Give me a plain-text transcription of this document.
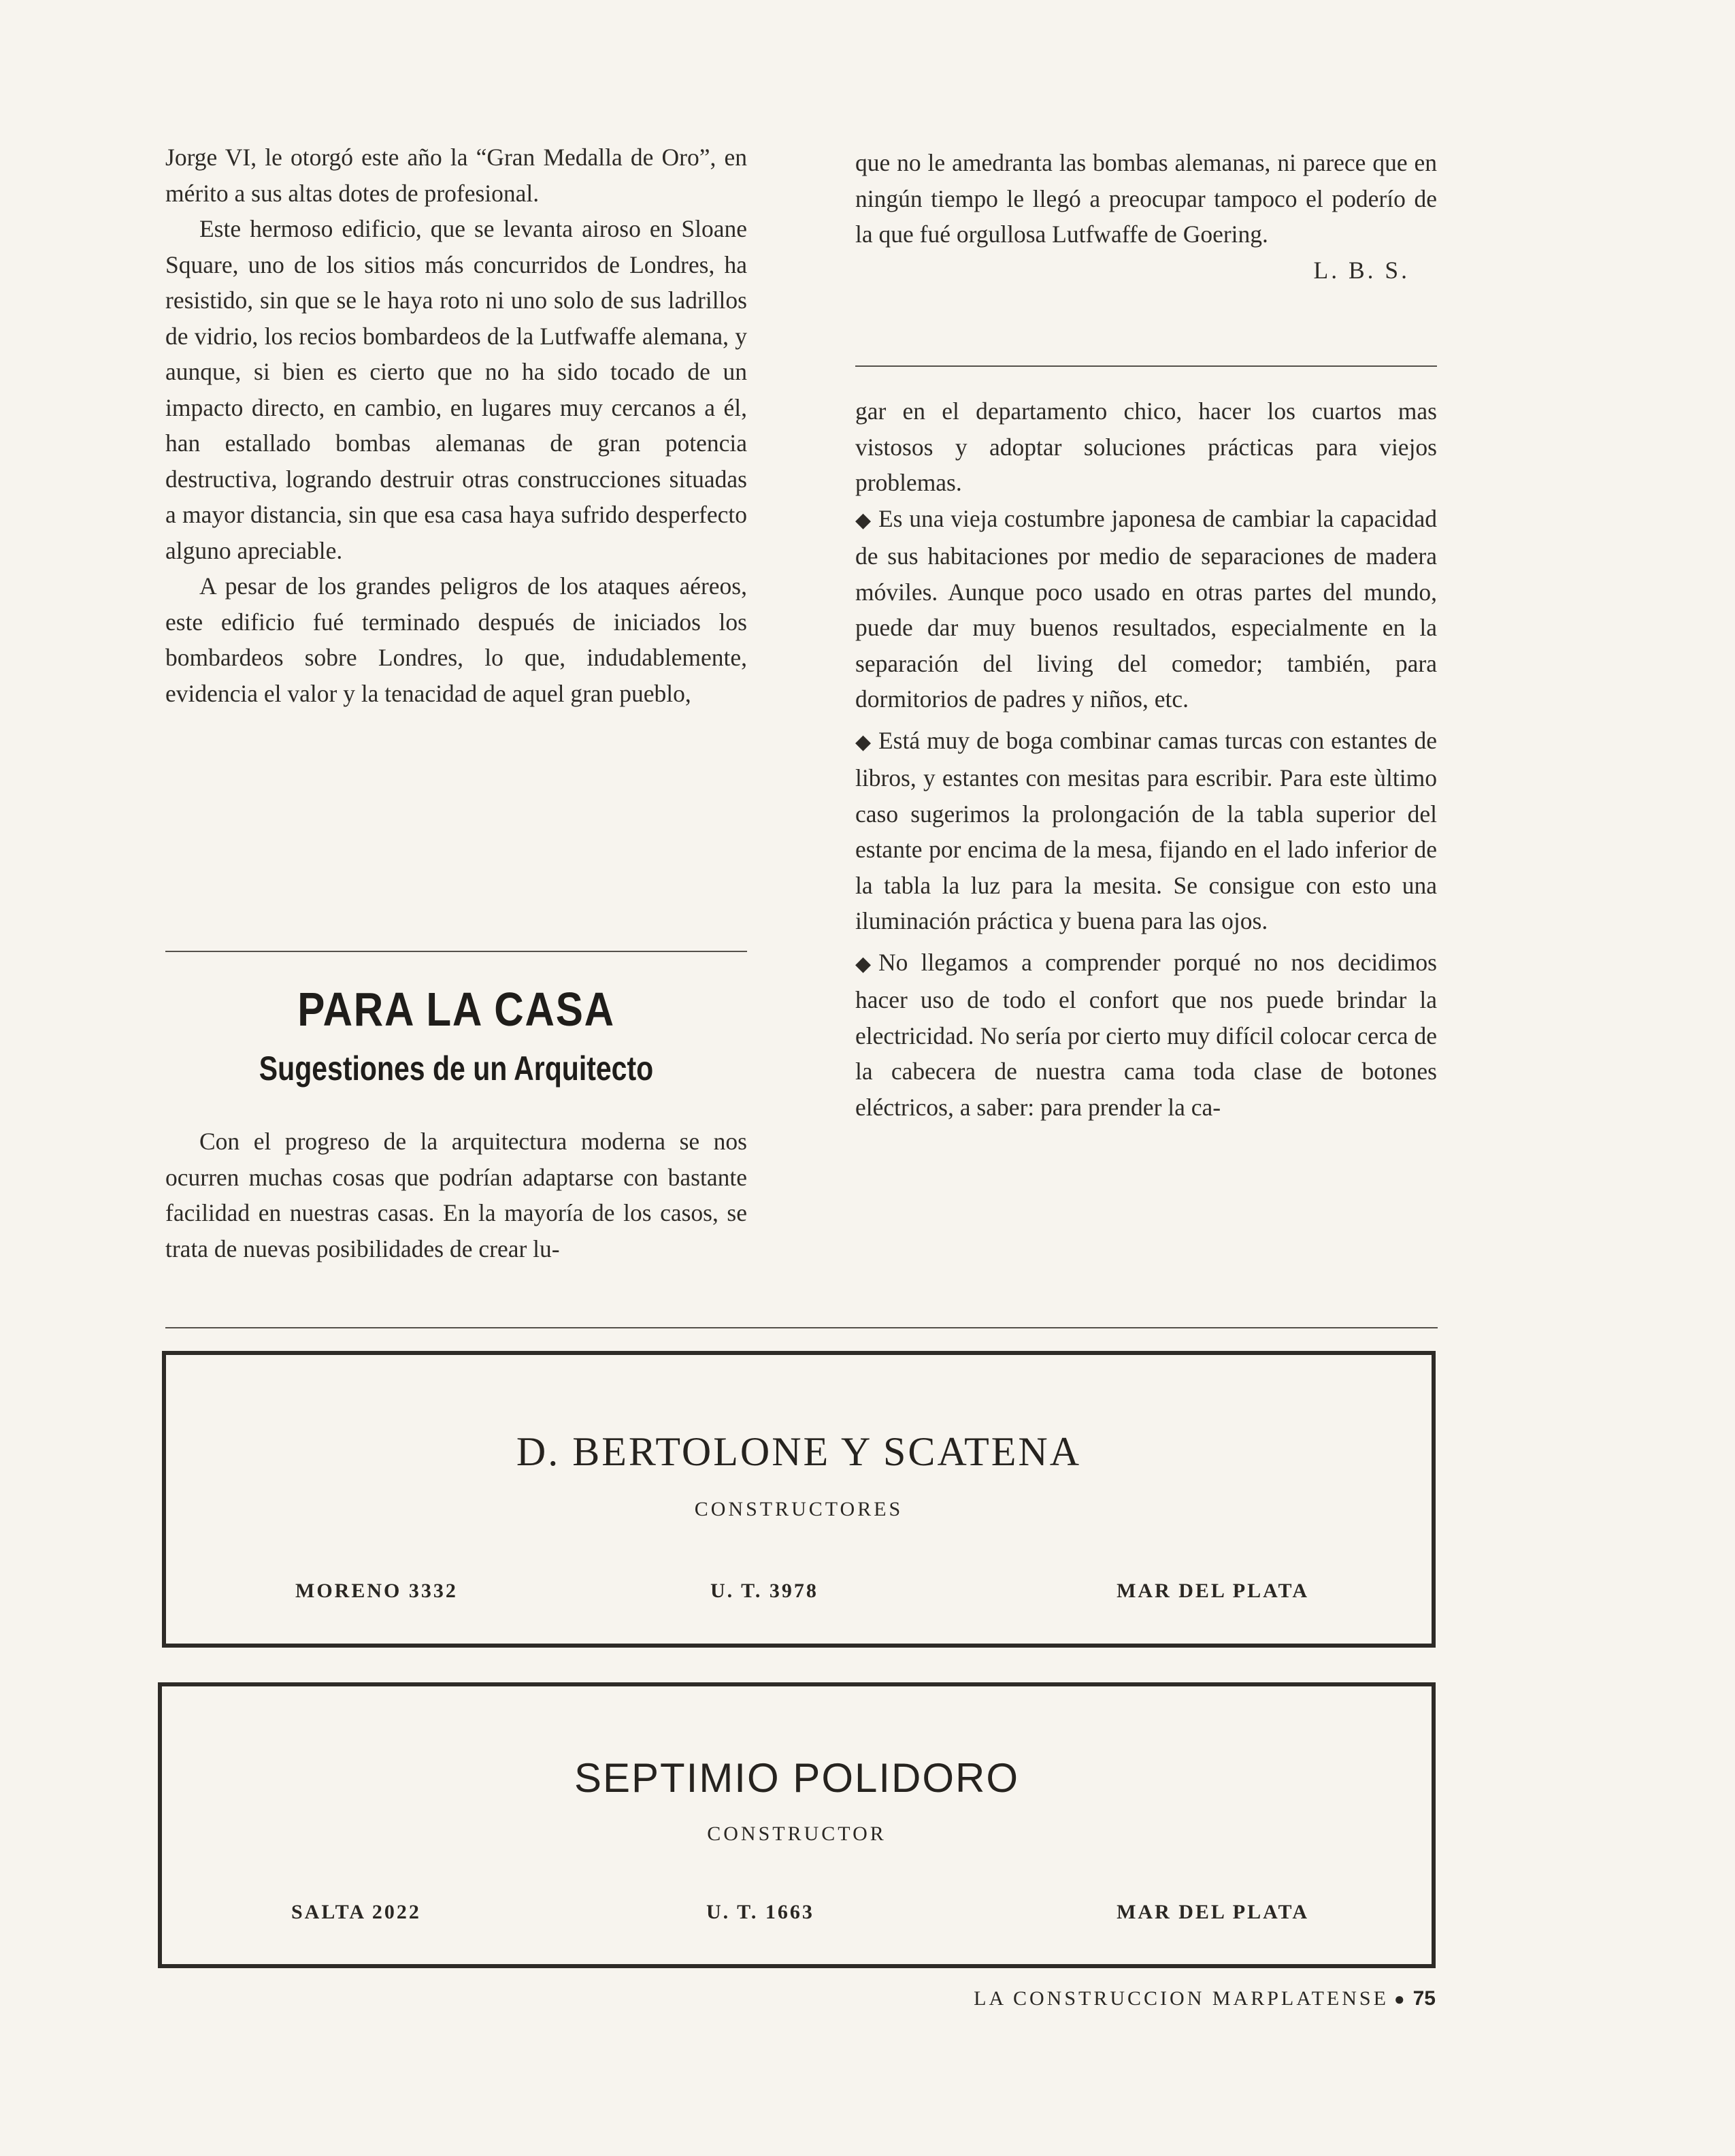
Jorge VI, le otorgó este año la “Gran Medalla de Oro”, en mérito a sus altas dotes de profesional.

Este hermoso edificio, que se levanta airoso en Sloane Square, uno de los sitios más concurridos de Londres, ha resistido, sin que se le haya roto ni uno solo de sus ladrillos de vidrio, los recios bombardeos de la Lutfwaffe alemana, y aunque, si bien es cierto que no ha sido tocado de un impacto directo, en cambio, en lugares muy cercanos a él, han estallado bombas alemanas de gran potencia destructiva, logrando destruir otras construcciones situadas a mayor distancia, sin que esa casa haya sufrido desperfecto alguno apreciable.

A pesar de los grandes peligros de los ataques aéreos, este edificio fué terminado después de iniciados los bombardeos sobre Londres, lo que, indudablemente, evidencia el valor y la tenacidad de aquel gran pueblo,

que no le amedranta las bombas alemanas, ni parece que en ningún tiempo le llegó a preocupar tampoco el poderío de la que fué orgullosa Lutfwaffe de Goering.

L. B. S.

PARA LA CASA
Sugestiones de un Arquitecto

Con el progreso de la arquitectura moderna se nos ocurren muchas cosas que podrían adaptarse con bastante facilidad en nuestras casas. En la mayoría de los casos, se trata de nuevas posibilidades de crear lu-

gar en el departamento chico, hacer los cuartos mas vistosos y adoptar soluciones prácticas para viejos problemas.

◆ Es una vieja costumbre japonesa de cambiar la capacidad de sus habitaciones por medio de separaciones de madera móviles. Aunque poco usado en otras partes del mundo, puede dar muy buenos resultados, especialmente en la separación del living del comedor; también, para dormitorios de padres y niños, etc.

◆ Está muy de boga combinar camas turcas con estantes de libros, y estantes con mesitas para escribir. Para este ùltimo caso sugerimos la prolongación de la tabla superior del estante por encima de la mesa, fijando en el lado inferior de la tabla la luz para la mesita. Se consigue con esto una iluminación práctica y buena para las ojos.

◆ No llegamos a comprender porqué no nos decidimos hacer uso de todo el confort que nos puede brindar la electricidad. No sería por cierto muy difícil colocar cerca de la cabecera de nuestra cama toda clase de botones eléctricos, a saber: para prender la ca-

D. BERTOLONE Y SCATENA
CONSTRUCTORES
MORENO 3332	U. T. 3978	MAR DEL PLATA
SEPTIMIO POLIDORO
CONSTRUCTOR
SALTA 2022	U. T. 1663	MAR DEL PLATA
LA CONSTRUCCION MARPLATENSE ● 75
